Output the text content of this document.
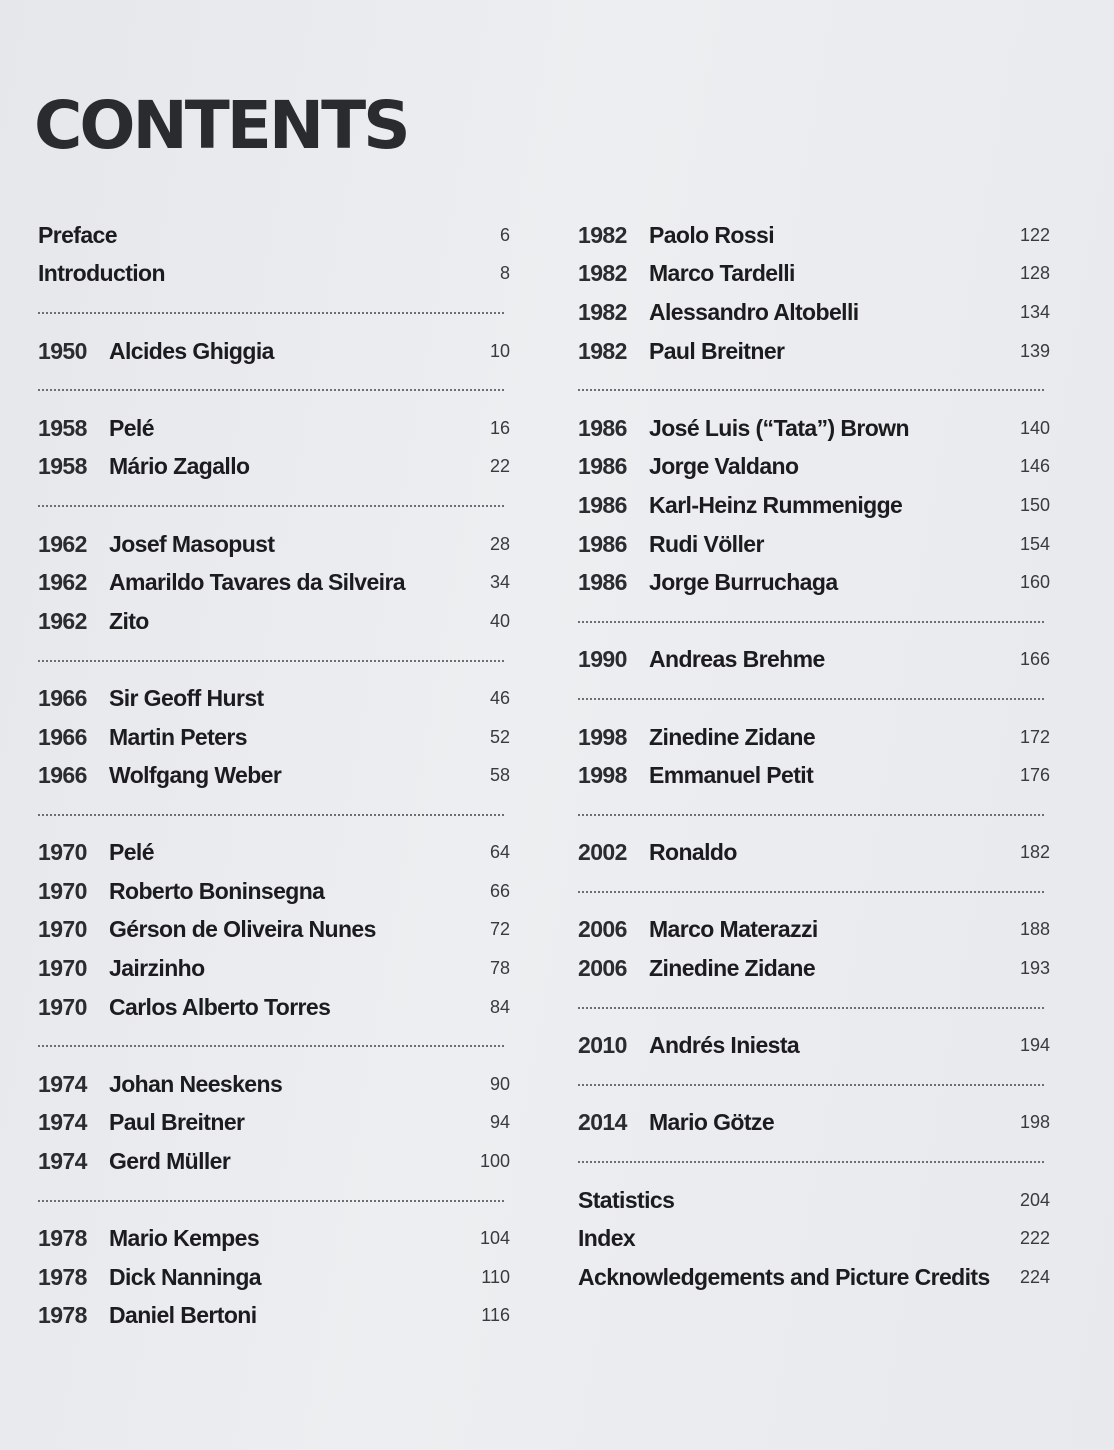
CONTENTS
Preface	6
Introduction	8
1950 Alcides Ghiggia	10
1958 Pelé	16
1958 Mário Zagallo	22
1962 Josef Masopust	28
1962 Amarildo Tavares da Silveira	34
1962 Zito	40
1966 Sir Geoff Hurst	46
1966 Martin Peters	52
1966 Wolfgang Weber	58
1970 Pelé	64
1970 Roberto Boninsegna	66
1970 Gérson de Oliveira Nunes	72
1970 Jairzinho	78
1970 Carlos Alberto Torres	84
1974 Johan Neeskens	90
1974 Paul Breitner	94
1974 Gerd Müller	100
1978 Mario Kempes	104
1978 Dick Nanninga	110
1978 Daniel Bertoni	116
1982 Paolo Rossi	122
1982 Marco Tardelli	128
1982 Alessandro Altobelli	134
1982 Paul Breitner	139
1986 José Luis (“Tata”) Brown	140
1986 Jorge Valdano	146
1986 Karl-Heinz Rummenigge	150
1986 Rudi Völler	154
1986 Jorge Burruchaga	160
1990 Andreas Brehme	166
1998 Zinedine Zidane	172
1998 Emmanuel Petit	176
2002 Ronaldo	182
2006 Marco Materazzi	188
2006 Zinedine Zidane	193
2010 Andrés Iniesta	194
2014 Mario Götze	198
Statistics	204
Index	222
Acknowledgements and Picture Credits	224
